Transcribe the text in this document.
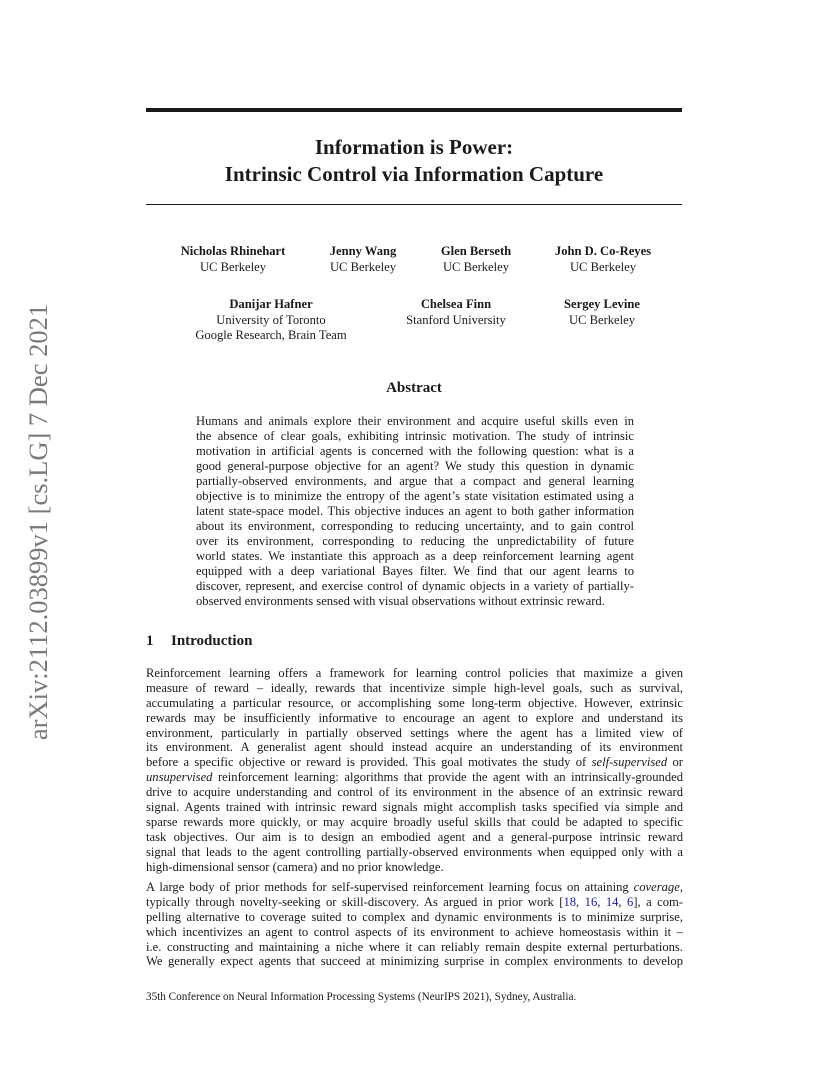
arXiv:2112.03899v1 [cs.LG] 7 Dec 2021
Information is Power:
Intrinsic Control via Information Capture
Nicholas Rhinehart
UC Berkeley
Jenny Wang
UC Berkeley
Glen Berseth
UC Berkeley
John D. Co-Reyes
UC Berkeley
Danijar Hafner
University of Toronto
Google Research, Brain Team
Chelsea Finn
Stanford University
Sergey Levine
UC Berkeley
Abstract
Humans and animals explore their environment and acquire useful skills even in
the absence of clear goals, exhibiting intrinsic motivation. The study of intrinsic
motivation in artificial agents is concerned with the following question: what is a
good general-purpose objective for an agent? We study this question in dynamic
partially-observed environments, and argue that a compact and general learning
objective is to minimize the entropy of the agent’s state visitation estimated using a
latent state-space model. This objective induces an agent to both gather information
about its environment, corresponding to reducing uncertainty, and to gain control
over its environment, corresponding to reducing the unpredictability of future
world states. We instantiate this approach as a deep reinforcement learning agent
equipped with a deep variational Bayes filter. We find that our agent learns to
discover, represent, and exercise control of dynamic objects in a variety of partially-
observed environments sensed with visual observations without extrinsic reward.
1 Introduction
Reinforcement learning offers a framework for learning control policies that maximize a given
measure of reward – ideally, rewards that incentivize simple high-level goals, such as survival,
accumulating a particular resource, or accomplishing some long-term objective. However, extrinsic
rewards may be insufficiently informative to encourage an agent to explore and understand its
environment, particularly in partially observed settings where the agent has a limited view of
its environment. A generalist agent should instead acquire an understanding of its environment
before a specific objective or reward is provided. This goal motivates the study of self-supervised or
unsupervised reinforcement learning: algorithms that provide the agent with an intrinsically-grounded
drive to acquire understanding and control of its environment in the absence of an extrinsic reward
signal. Agents trained with intrinsic reward signals might accomplish tasks specified via simple and
sparse rewards more quickly, or may acquire broadly useful skills that could be adapted to specific
task objectives. Our aim is to design an embodied agent and a general-purpose intrinsic reward
signal that leads to the agent controlling partially-observed environments when equipped only with a
high-dimensional sensor (camera) and no prior knowledge.
A large body of prior methods for self-supervised reinforcement learning focus on attaining coverage,
typically through novelty-seeking or skill-discovery. As argued in prior work [18, 16, 14, 6], a com-
pelling alternative to coverage suited to complex and dynamic environments is to minimize surprise,
which incentivizes an agent to control aspects of its environment to achieve homeostasis within it –
i.e. constructing and maintaining a niche where it can reliably remain despite external perturbations.
We generally expect agents that succeed at minimizing surprise in complex environments to develop
35th Conference on Neural Information Processing Systems (NeurIPS 2021), Sydney, Australia.
